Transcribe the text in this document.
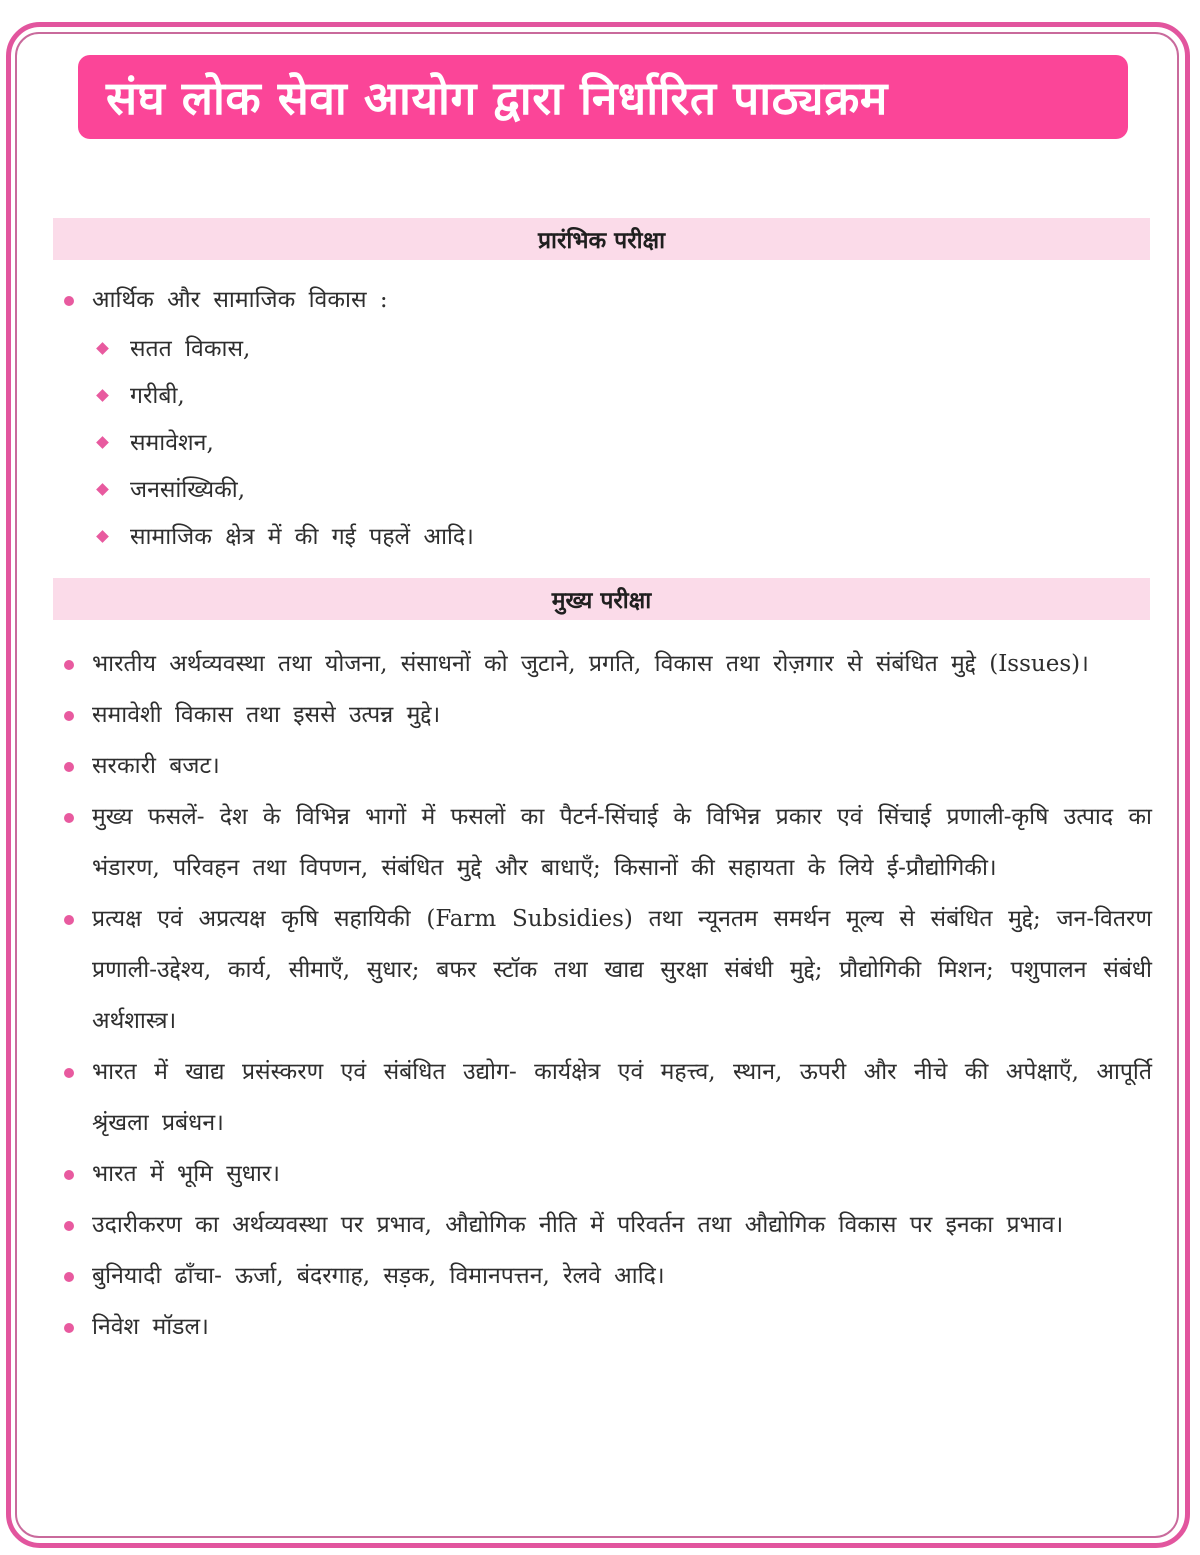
संघ लोक सेवा आयोग द्वारा निर्धारित पाठ्यक्रम
प्रारंभिक परीक्षा
आर्थिक और सामाजिक विकास :
सतत विकास,
गरीबी,
समावेशन,
जनसांख्यिकी,
सामाजिक क्षेत्र में की गई पहलें आदि।
मुख्य परीक्षा
भारतीय अर्थव्यवस्था तथा योजना, संसाधनों को जुटाने, प्रगति, विकास तथा रोज़गार से संबंधित मुद्दे (Issues)।
समावेशी विकास तथा इससे उत्पन्न मुद्दे।
सरकारी बजट।
मुख्य फसलें- देश के विभिन्न भागों में फसलों का पैटर्न-सिंचाई के विभिन्न प्रकार एवं सिंचाई प्रणाली-कृषि उत्पाद का भंडारण, परिवहन तथा विपणन, संबंधित मुद्दे और बाधाएँ; किसानों की सहायता के लिये ई-प्रौद्योगिकी।
प्रत्यक्ष एवं अप्रत्यक्ष कृषि सहायिकी (Farm Subsidies) तथा न्यूनतम समर्थन मूल्य से संबंधित मुद्दे; जन-वितरण प्रणाली-उद्देश्य, कार्य, सीमाएँ, सुधार; बफर स्टॉक तथा खाद्य सुरक्षा संबंधी मुद्दे; प्रौद्योगिकी मिशन; पशुपालन संबंधी अर्थशास्त्र।
भारत में खाद्य प्रसंस्करण एवं संबंधित उद्योग- कार्यक्षेत्र एवं महत्त्व, स्थान, ऊपरी और नीचे की अपेक्षाएँ, आपूर्ति श्रृंखला प्रबंधन।
भारत में भूमि सुधार।
उदारीकरण का अर्थव्यवस्था पर प्रभाव, औद्योगिक नीति में परिवर्तन तथा औद्योगिक विकास पर इनका प्रभाव।
बुनियादी ढाँचा- ऊर्जा, बंदरगाह, सड़क, विमानपत्तन, रेलवे आदि।
निवेश मॉडल।
